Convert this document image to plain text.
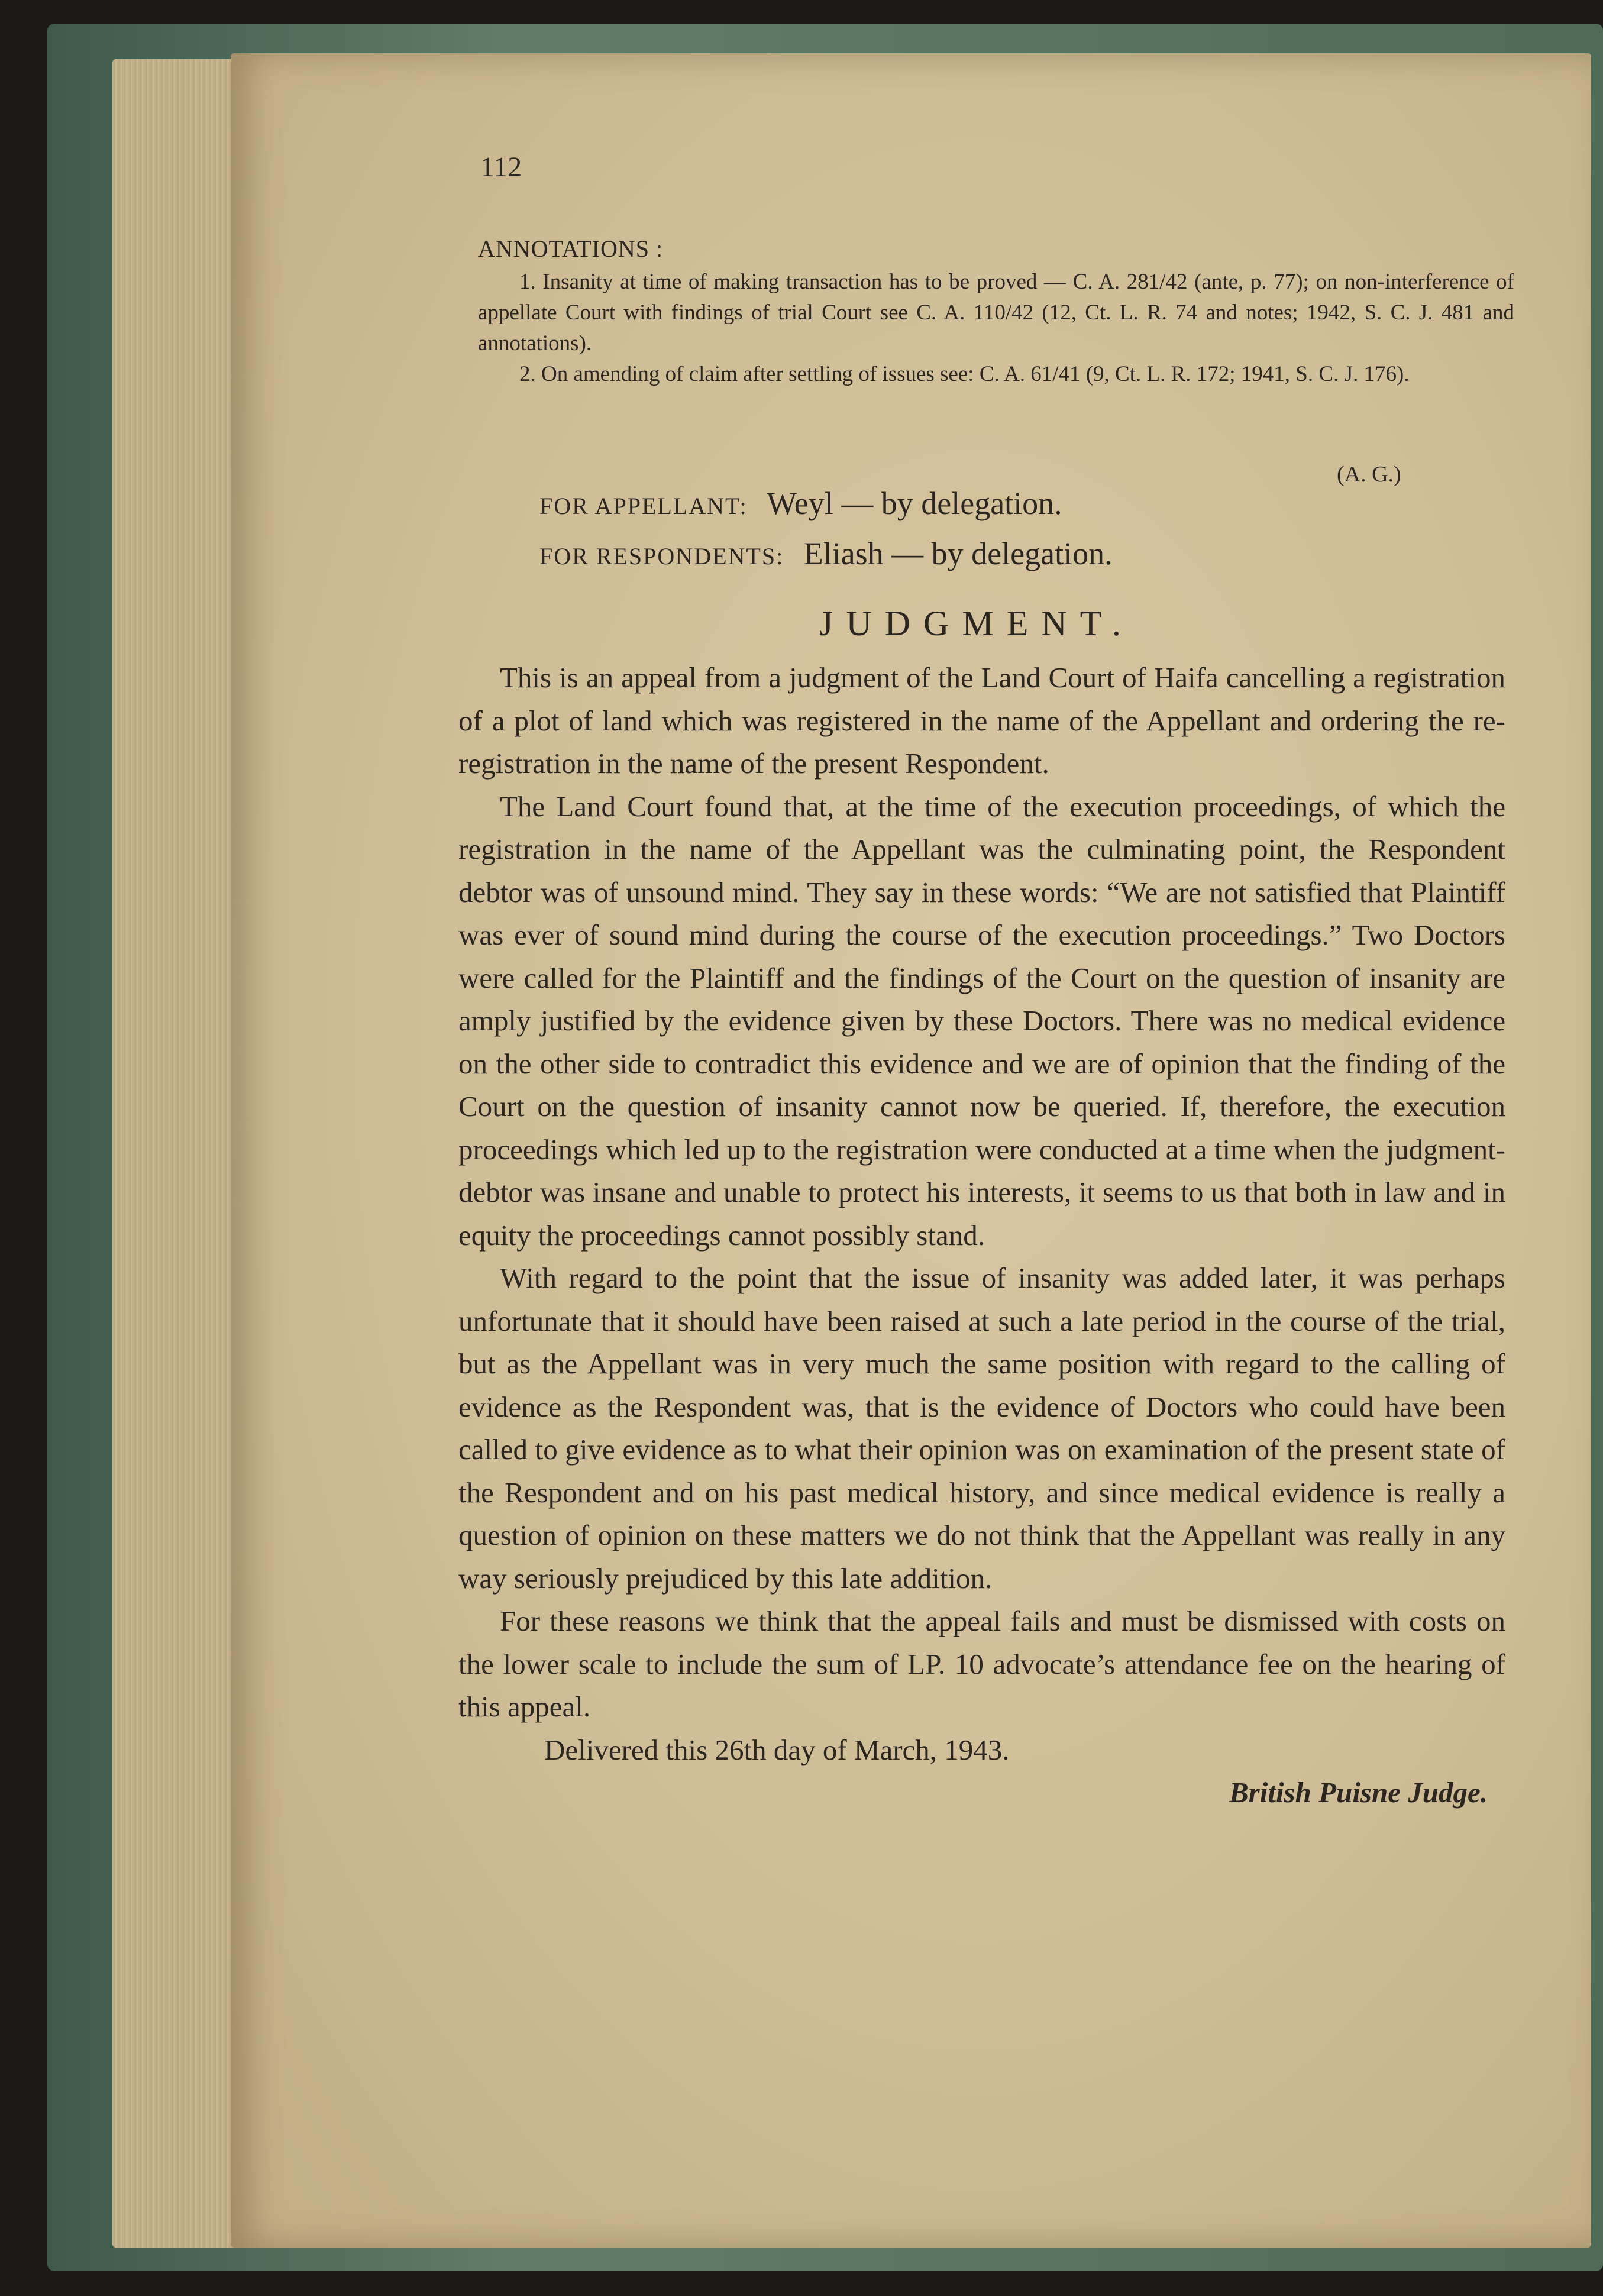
112
ANNOTATIONS :
1. Insanity at time of making transaction has to be proved — C. A. 281/42 (ante, p. 77); on non-interference of appellate Court with findings of trial Court see C. A. 110/42 (12, Ct. L. R. 74 and notes; 1942, S. C. J. 481 and annotations).
2. On amending of claim after settling of issues see: C. A. 61/41 (9, Ct. L. R. 172; 1941, S. C. J. 176).
(A. G.)
FOR APPELLANT: Weyl — by delegation.
FOR RESPONDENTS: Eliash — by delegation.
JUDGMENT.

This is an appeal from a judgment of the Land Court of Haifa cancelling a registration of a plot of land which was registered in the name of the Appellant and ordering the re-registration in the name of the present Respondent.

The Land Court found that, at the time of the execution proceedings, of which the registration in the name of the Appellant was the culminating point, the Respondent debtor was of unsound mind. They say in these words: “We are not satisfied that Plaintiff was ever of sound mind during the course of the execution proceedings.” Two Doctors were called for the Plaintiff and the findings of the Court on the question of insanity are amply justified by the evidence given by these Doctors. There was no medical evidence on the other side to contradict this evidence and we are of opinion that the finding of the Court on the question of insanity cannot now be queried. If, therefore, the execution proceedings which led up to the registration were conducted at a time when the judgment-debtor was insane and unable to protect his interests, it seems to us that both in law and in equity the proceedings cannot possibly stand.

With regard to the point that the issue of insanity was added later, it was perhaps unfortunate that it should have been raised at such a late period in the course of the trial, but as the Appellant was in very much the same position with regard to the calling of evidence as the Respondent was, that is the evidence of Doctors who could have been called to give evidence as to what their opinion was on examination of the present state of the Respondent and on his past medical history, and since medical evidence is really a question of opinion on these matters we do not think that the Appellant was really in any way seriously prejudiced by this late addition.

For these reasons we think that the appeal fails and must be dismissed with costs on the lower scale to include the sum of LP. 10 advocate’s attendance fee on the hearing of this appeal.

Delivered this 26th day of March, 1943.

British Puisne Judge.
